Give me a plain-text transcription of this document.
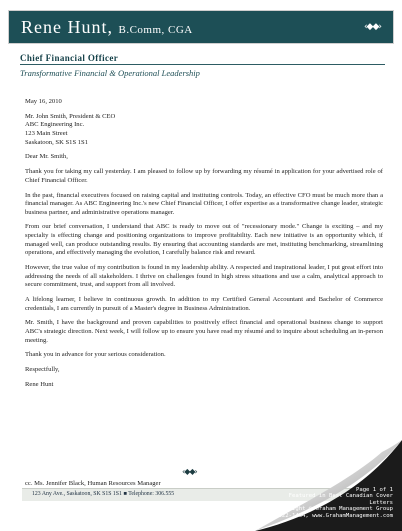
Rene Hunt, B.Comm, CGA	‹◆◆›
Chief Financial Officer
Transformative Financial & Operational Leadership

May 16, 2010

Mr. John Smith, President & CEO
ABC Engineering Inc.
123 Main Street
Saskatoon, SK S1S 1S1

Dear Mr. Smith,

Thank you for taking my call yesterday. I am pleased to follow up by forwarding my résumé in application for your advertised role of Chief Financial Officer.

In the past, financial executives focused on raising capital and instituting controls. Today, an effective CFO must be much more than a financial manager. As ABC Engineering Inc.'s new Chief Financial Officer, I offer expertise as a transformative change leader, strategic business partner, and administrative operations manager.

From our brief conversation, I understand that ABC is ready to move out of "recessionary mode." Change is exciting – and my specialty is effecting change and positioning organizations to improve profitability. Each new initiative is an opportunity which, if managed well, can produce outstanding results. By ensuring that accounting standards are met, instituting benchmarking, streamlining operations, and effectively managing the evolution, I carefully balance risk and reward.

However, the true value of my contribution is found in my leadership ability. A respected and inspirational leader, I put great effort into addressing the needs of all stakeholders. I thrive on challenges found in high stress situations and use a calm, analytical approach to secure commitment, trust, and support from all involved.

A lifelong learner, I believe in continuous growth. In addition to my Certified General Accountant and Bachelor of Commerce credentials, I am currently in pursuit of a Master's degree in Business Administration.

Mr. Smith, I have the background and proven capabilities to positively effect financial and operational business change to support ABC's strategic direction. Next week, I will follow up to ensure you have read my résumé and to inquire about scheduling an in-person meeting.

Thank you in advance for your serious consideration.

Respectfully,

Rene Hunt

‹◆◆›
cc. Ms. Jennifer Black, Human Resources Manager
123 Any Ave., Saskatoon, SK S1S 1S1 ■ Telephone: 306.555
Page 1 of 1
Featured in Best Canadian Cover Letters
Copyright © Graham Management Group
866-622-1464, www.GrahamManagement.com
